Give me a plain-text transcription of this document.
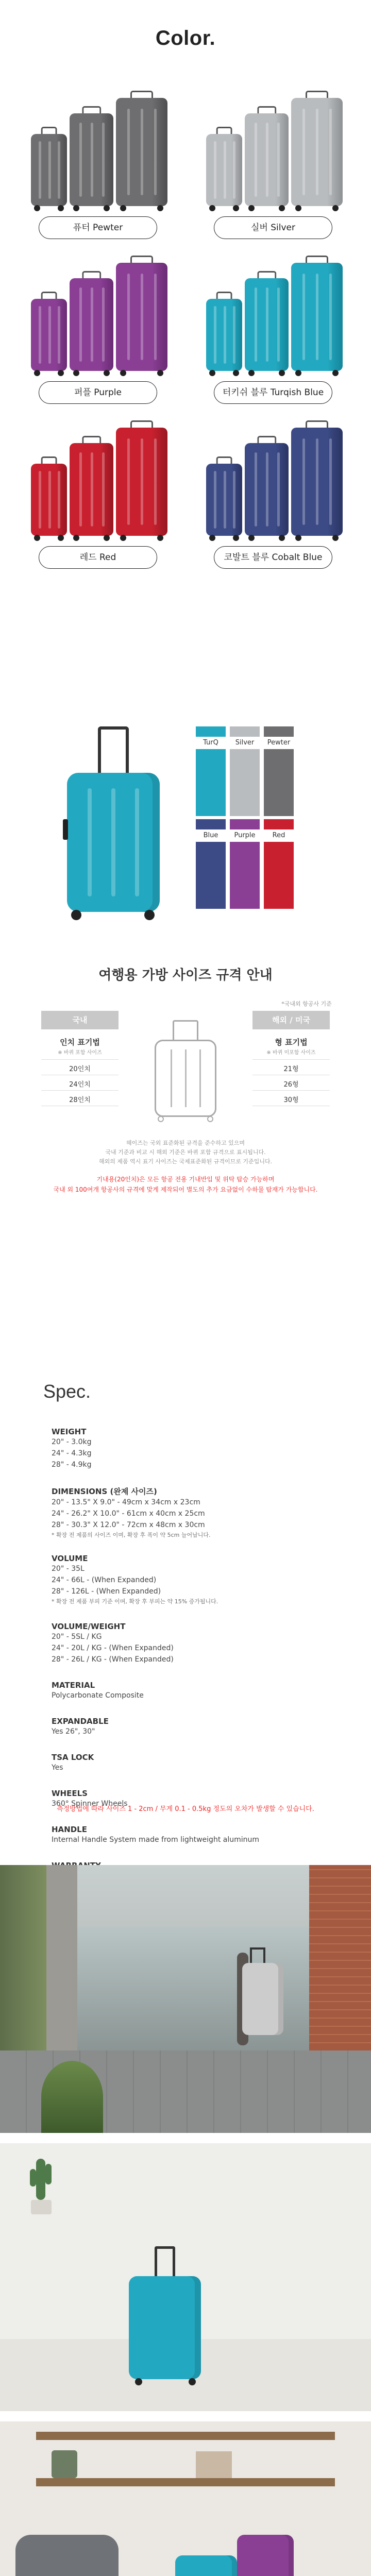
Color.
퓨터 Pewter	실버 Silver
퍼플 Purple	터키쉬 블루 Turqish Blue
레드 Red	코발트 블루 Cobalt Blue
TurQ	Silver	Pewter
Blue	Purple	Red
여행용 가방 사이즈 규격 안내
*국내외 항공사 기준
국내
인치 표기법
※ 바퀴 포함 사이즈
20인치
24인치
28인치
해외 / 미국
형 표기법
※ 바퀴 미포함 사이즈
21형
26형
30형
헤이즈는 국외 표준화된 규격을 준수하고 있으며
국내 기준과 비교 시 해외 기준은 바퀴 포함 규격으로 표시됩니다.
해외의 제품 역시 표기 사이즈는 국제표준화된 규격이므로 기준입니다.
기내용(20인치)은 모든 항공 전용 기내반입 및 위탁 탑승 가능하며
국내 외 100여개 항공사의 규격에 맞게 제작되어 별도의 추가 요금없이 수하물 탑재가 가능합니다.
Spec.

WEIGHT

20" - 3.0kg

24" - 4.3kg

28" - 4.9kg

DIMENSIONS (완제 사이즈)

20" - 13.5" X 9.0" - 49cm x 34cm x 23cm

24" - 26.2" X 10.0" - 61cm x 40cm x 25cm

28" - 30.3" X 12.0" - 72cm x 48cm x 30cm

* 확장 전 제품의 사이즈 이며, 확장 후 폭이 약 5cm 늘어납니다.

VOLUME

20" - 35L

24" - 66L - (When Expanded)

28" - 126L - (When Expanded)

* 확장 전 제품 부피 기준 이며, 확장 후 부피는 약 15% 증가됩니다.

VOLUME/WEIGHT

20" - 5SL / KG

24" - 20L / KG - (When Expanded)

28" - 26L / KG - (When Expanded)

MATERIAL

Polycarbonate Composite

EXPANDABLE

Yes 26", 30"

TSA LOCK

Yes

WHEELS

360° Spinner Wheels

HANDLE

Internal Handle System made from lightweight aluminum

측정방법에 따라 사이즈 1 - 2cm / 무게 0.1 - 0.5kg 정도의 오차가 발생할 수 있습니다.
